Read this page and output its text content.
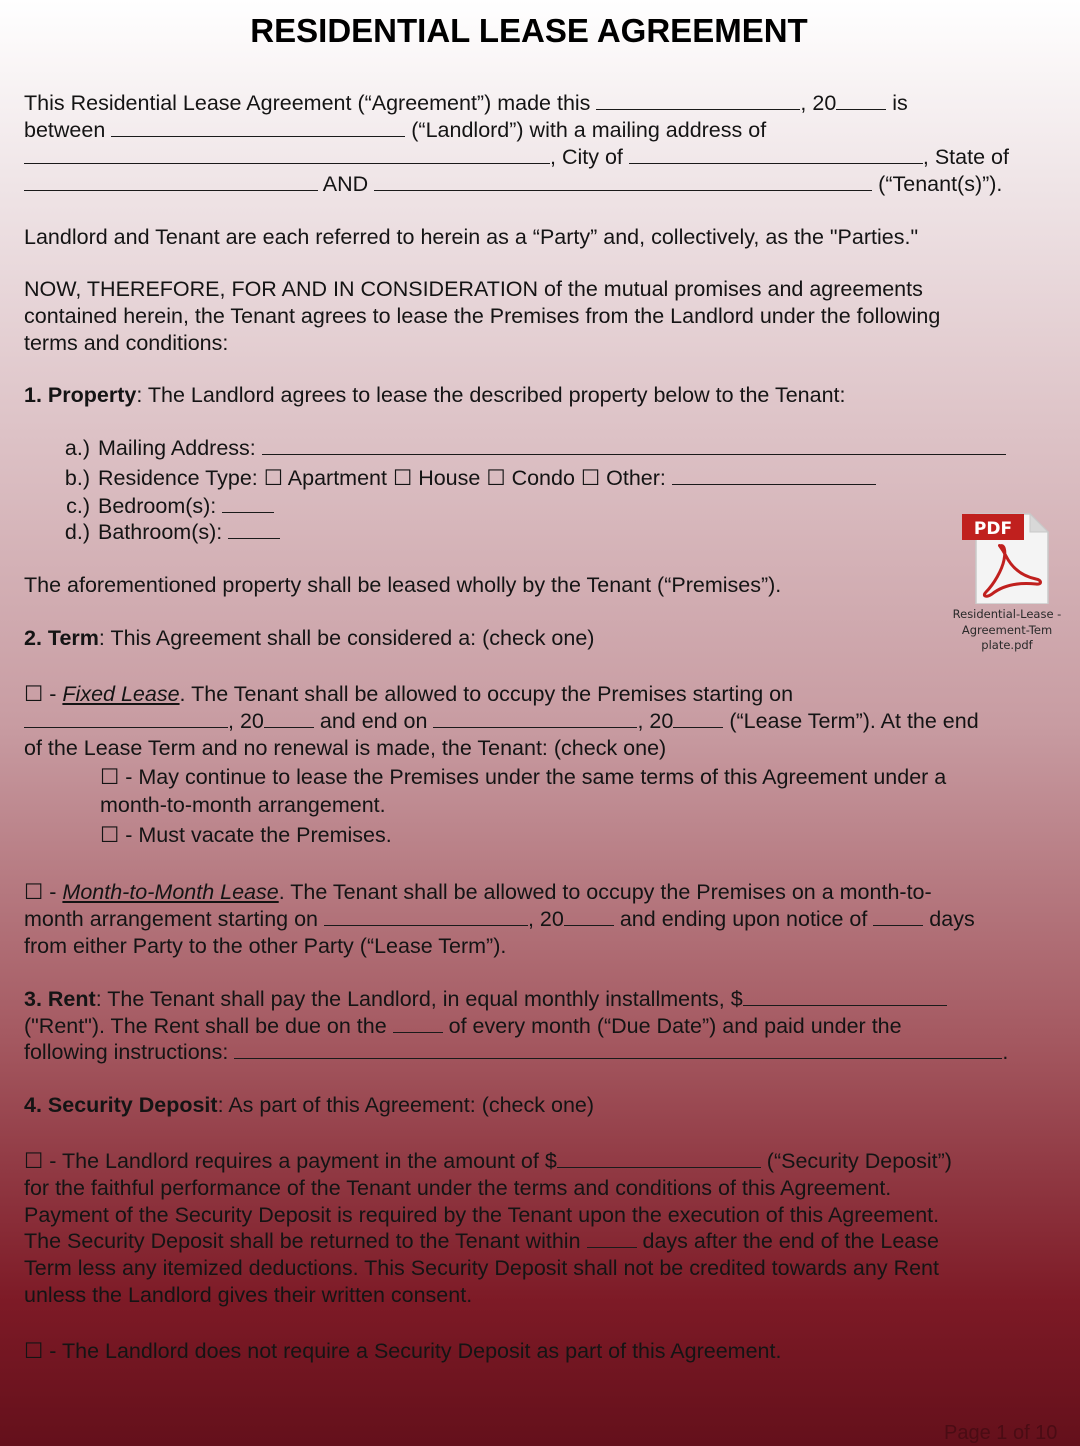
RESIDENTIAL LEASE AGREEMENT
This Residential Lease Agreement (“Agreement”) made this	, 20	is
between	(“Landlord”) with a mailing address of
, City of	, State of
AND	(“Tenant(s)”).
Landlord and Tenant are each referred to herein as a “Party” and, collectively, as the "Parties."
NOW, THEREFORE, FOR AND IN CONSIDERATION of the mutual promises and agreements
contained herein, the Tenant agrees to lease the Premises from the Landlord under the following
terms and conditions:
1. Property: The Landlord agrees to lease the described property below to the Tenant:
a.) Mailing Address:
b.) Residence Type: ☐ Apartment ☐ House ☐ Condo ☐ Other:
c.) Bedroom(s):
d.) Bathroom(s):
The aforementioned property shall be leased wholly by the Tenant (“Premises”).
PDF
Residential-Lease -Agreement-Tem plate.pdf
2. Term: This Agreement shall be considered a: (check one)
☐ - Fixed Lease. The Tenant shall be allowed to occupy the Premises starting on
, 20	and end on	, 20	(“Lease Term”). At the end
of the Lease Term and no renewal is made, the Tenant: (check one)
☐ - May continue to lease the Premises under the same terms of this Agreement under a
month-to-month arrangement.
☐ - Must vacate the Premises.
☐ - Month-to-Month Lease. The Tenant shall be allowed to occupy the Premises on a month-to-
month arrangement starting on	, 20	and ending upon notice of	days
from either Party to the other Party (“Lease Term”).
3. Rent: The Tenant shall pay the Landlord, in equal monthly installments, $
("Rent"). The Rent shall be due on the	of every month (“Due Date”) and paid under the
following instructions:	.
4. Security Deposit: As part of this Agreement: (check one)
☐ - The Landlord requires a payment in the amount of $	(“Security Deposit”)
for the faithful performance of the Tenant under the terms and conditions of this Agreement.
Payment of the Security Deposit is required by the Tenant upon the execution of this Agreement.
The Security Deposit shall be returned to the Tenant within	days after the end of the Lease
Term less any itemized deductions. This Security Deposit shall not be credited towards any Rent
unless the Landlord gives their written consent.
☐ - The Landlord does not require a Security Deposit as part of this Agreement.
Page 1 of 10
